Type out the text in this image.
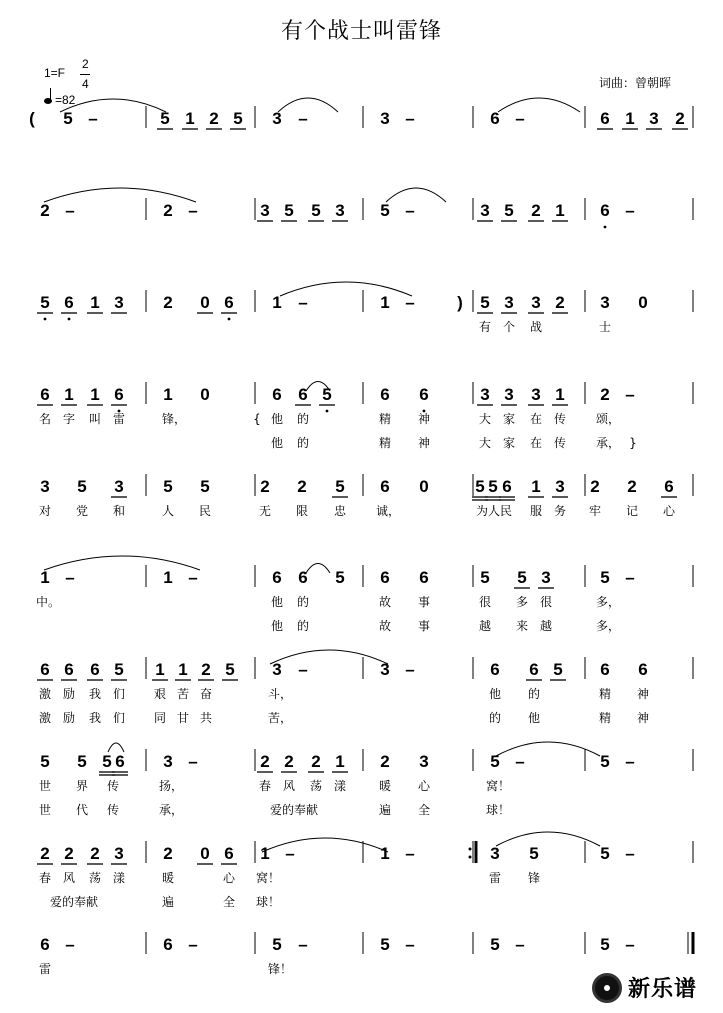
有个战士叫雷锋
1=F
2
4
=82
词曲：曾朝晖
( 5 –	5 1 2 5 3 –	3 –	6 –	6 1 3 2
2 –	2 –	3 5 5 3 5 –	3 5 2 1 6 –
5 6 1 3 2 0 6 1 –	1 – ) 5 3 3 2 3 0
有 个 战	士
6 1 1 6 1 0	6 6 5	6 6	3 3 3 1 2 –
名 字 叫 雷	锋，	{ 他 的	精 神	大 家 在 传 颂，
他 的	精 神	大 家 在 传 承， }
3 5 3 5 5	2 2 5 6 0	5 5 6 1 3 2 2 6
对 党 和	人 民	无 限 忠 诚，	为人民 服 务 牢 记 心
1 –	1 –	6 6 5 6 6	5 5 3	5 –
中。	他 的	故 事	很 多 很	多，
他 的	故 事	越 来 越	多，
6 6 6 5 1 1 2 5 3 –	3 –	6 6 5 6 6
激 励 我 们 艰 苦 奋	斗，	他 的	精 神
激 励 我 们 同 甘 共	苦，	他
的	精 神
5 5 5 6 3 –	2 2 2 1 2 3	5 –	5 –
世 界 传	扬，	春 风 荡 漾	暖 心	窝！
世 代 传	承，	爱的奉献	遍 全	球！
2 2 2 3 2 0 6 1 –	1 –	3 5	5 –
春 风 荡 漾	暖	心 窝！	雷 锋
爱的奉献	遍	全 球！
6 –	6 –	5 –	5 –	5 –	5 –
雷	锋！
新乐谱
